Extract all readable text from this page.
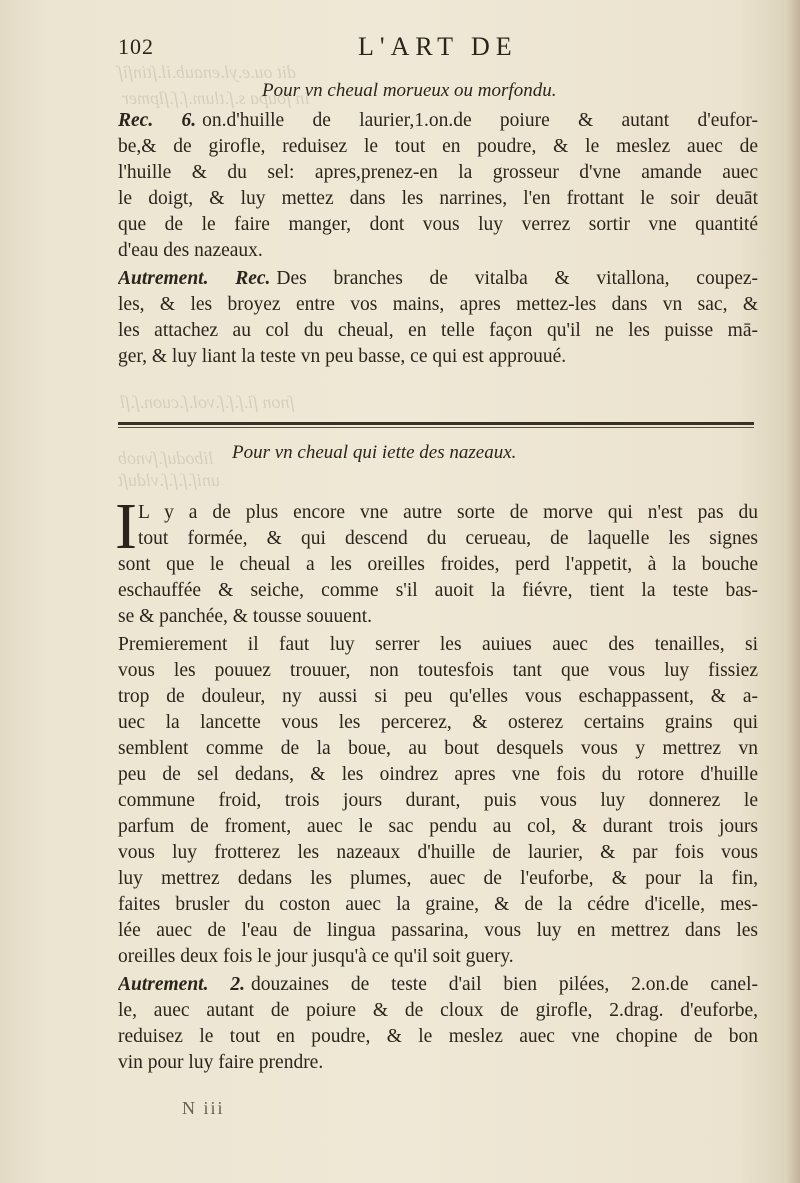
dit ou.e.yl.enaub.il.ſtinſiſ
in ſoupa s.ſ.tlum.ſ.ſ.ſlpmer
ſnon ſi.ſ.ſ.ſ.vol.ſ.cuon.ſ.ſl
liboduſ.ſvnob
uniſ.ſ.ſ.ſ.vlduſt
102	L'ART DE
Pour vn cheual morueux ou morfondu.
Rec. 6. on.d'huille de laurier,1.on.de poiure & autant d'eufor-
be,& de girofle, reduisez le tout en poudre, & le meslez auec de
l'huille & du sel: apres,prenez-en la grosseur d'vne amande auec
le doigt, & luy mettez dans les narrines, l'en frottant le soir deuāt
que de le faire manger, dont vous luy verrez sortir vne quantité
d'eau des nazeaux.
Autrement. Rec. Des branches de vitalba & vitallona, coupez-
les, & les broyez entre vos mains, apres mettez-les dans vn sac, &
les attachez au col du cheual, en telle façon qu'il ne les puisse mā-
ger, & luy liant la teste vn peu basse, ce qui est approuué.
Pour vn cheual qui iette des nazeaux.
I L y a de plus encore vne autre sorte de morve qui n'est pas du
tout formée, & qui descend du cerueau, de laquelle les signes
sont que le cheual a les oreilles froides, perd l'appetit, à la bouche
eschauffée & seiche, comme s'il auoit la fiévre, tient la teste bas-
se & panchée, & tousse souuent.
Premierement il faut luy serrer les auiues auec des tenailles, si
vous les pouuez trouuer, non toutesfois tant que vous luy fissiez
trop de douleur, ny aussi si peu qu'elles vous eschappassent, & a-
uec la lancette vous les percerez, & osterez certains grains qui
semblent comme de la boue, au bout desquels vous y mettrez vn
peu de sel dedans, & les oindrez apres vne fois du rotore d'huille
commune froid, trois jours durant, puis vous luy donnerez le
parfum de froment, auec le sac pendu au col, & durant trois jours
vous luy frotterez les nazeaux d'huille de laurier, & par fois vous
luy mettrez dedans les plumes, auec de l'euforbe, & pour la fin,
faites brusler du coston auec la graine, & de la cédre d'icelle, mes-
lée auec de l'eau de lingua passarina, vous luy en mettrez dans les
oreilles deux fois le jour jusqu'à ce qu'il soit guery.
Autrement. 2. douzaines de teste d'ail bien pilées, 2.on.de canel-
le, auec autant de poiure & de cloux de girofle, 2.drag. d'euforbe,
reduisez le tout en poudre, & le meslez auec vne chopine de bon
vin pour luy faire prendre.
N iii
